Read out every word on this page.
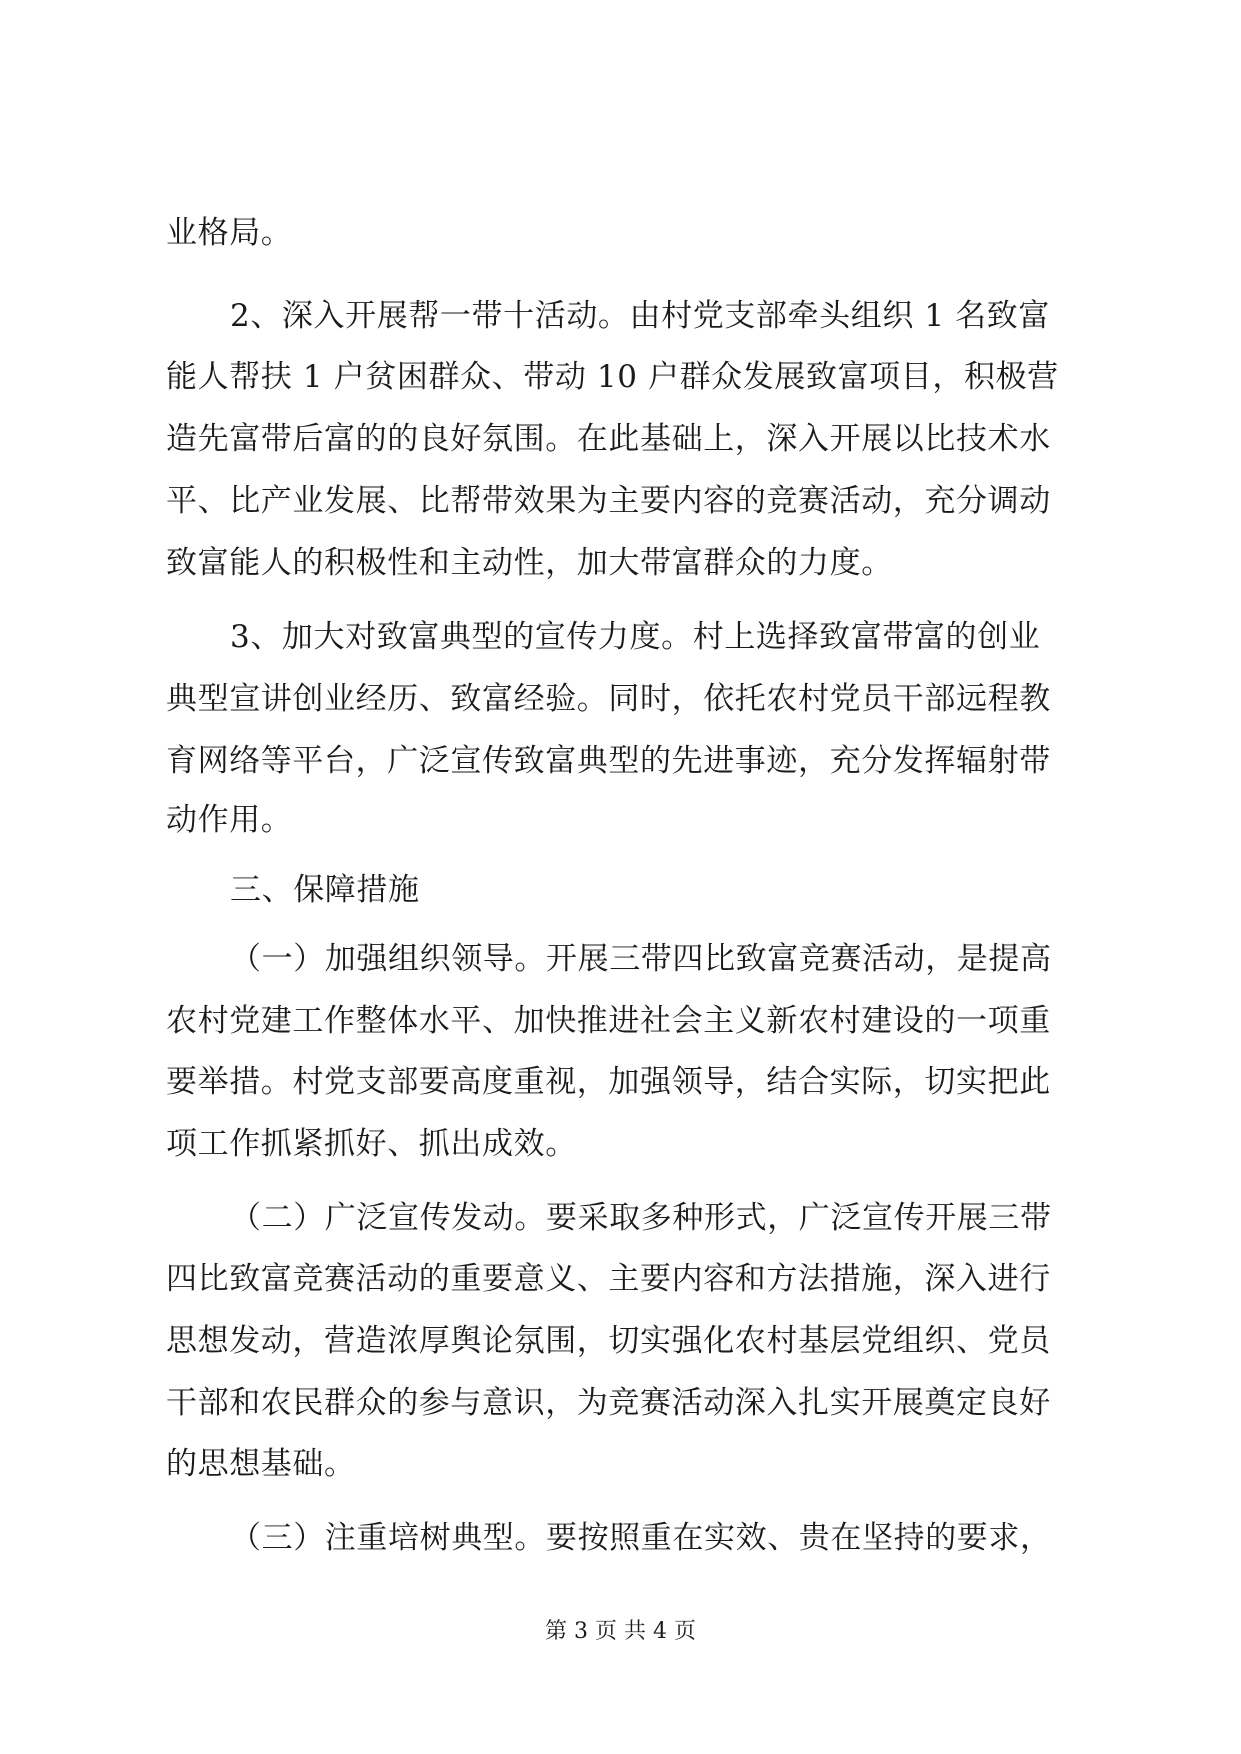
业格局。
2、深入开展帮一带十活动。由村党支部牵头组织 1 名致富
能人帮扶 1 户贫困群众、带动 10 户群众发展致富项目，积极营
造先富带后富的的良好氛围。在此基础上，深入开展以比技术水
平、比产业发展、比帮带效果为主要内容的竞赛活动，充分调动
致富能人的积极性和主动性，加大带富群众的力度。
3、加大对致富典型的宣传力度。村上选择致富带富的创业
典型宣讲创业经历、致富经验。同时，依托农村党员干部远程教
育网络等平台，广泛宣传致富典型的先进事迹，充分发挥辐射带
动作用。
三、保障措施
（一）加强组织领导。开展三带四比致富竞赛活动，是提高
农村党建工作整体水平、加快推进社会主义新农村建设的一项重
要举措。村党支部要高度重视，加强领导，结合实际，切实把此
项工作抓紧抓好、抓出成效。
（二）广泛宣传发动。要采取多种形式，广泛宣传开展三带
四比致富竞赛活动的重要意义、主要内容和方法措施，深入进行
思想发动，营造浓厚舆论氛围，切实强化农村基层党组织、党员
干部和农民群众的参与意识，为竞赛活动深入扎实开展奠定良好
的思想基础。
（三）注重培树典型。要按照重在实效、贵在坚持的要求，
第 3 页 共 4 页
